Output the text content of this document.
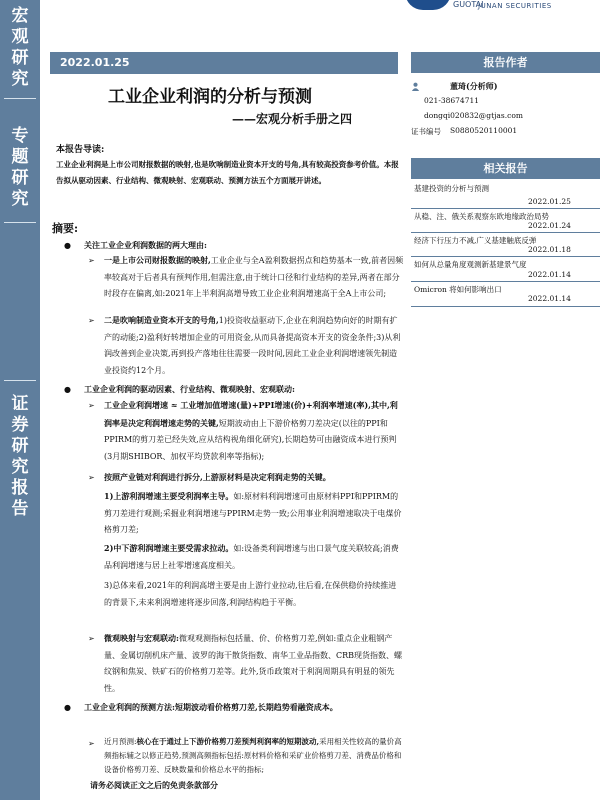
宏
观
研
究
专
题
研
究
证
券
研
究
报
告
GUOTAI
JUNAN SECURITIES
2022.01.25
工业企业利润的分析与预测
——宏观分析手册之四
本报告导读:
工业企业利润是上市公司财报数据的映射,也是吹响制造业资本开支的号角,具有较高投资参考价值。本报告拟从驱动因素、行业结构、微观映射、宏观联动、预测方法五个方面展开讲述。
摘要:
● 关注工业企业利润数据的两大理由:
➢ 一是上市公司财报数据的映射,工业企业与全A盈利数据拐点和趋势基本一致,前者因频率较高对于后者具有预判作用,但需注意,由于统计口径和行业结构的差异,两者在部分时段存在偏离,如:2021年上半利润高增导致工业企业利润增速高于全A上市公司;
➢ 二是吹响制造业资本开支的号角,1)投资收益驱动下,企业在利润趋势向好的时期有扩产的动能;2)盈利好转增加企业的可用资金,从而具备提高资本开支的资金条件;3)从利润改善到企业决策,再到投产落地往往需要一段时间,因此工业企业利润增速领先制造业投资约12个月。
● 工业企业利润的驱动因素、行业结构、微观映射、宏观联动:
➢ 工业企业利润增速 ≈ 工业增加值增速(量)+PPI增速(价)+利润率增速(率),其中,利润率是决定利润增速走势的关键,短期波动由上下游价格剪刀差决定(以往的PPI和PPIRM的剪刀差已经失效,应从结构视角细化研究),长期趋势可由融资成本进行预判(3月期SHIBOR、加权平均贷款利率等指标);
➢ 按照产业链对利润进行拆分,上游原材料是决定利润走势的关键。
1)上游利润增速主要受利润率主导。如:原材料利润增速可由原材料PPI和PPIRM的剪刀差进行观测;采掘业利润增速与PPIRM走势一致;公用事业利润增速取决于电煤价格剪刀差;
2)中下游利润增速主要受需求拉动。如:设备类利润增速与出口景气度关联较高;消费品利润增速与居上社零增速高度相关。
3)总体来看,2021年的利润高增主要是由上游行业拉动,往后看,在保供稳价持续推进的背景下,未来利润增速将逐步回落,利润结构趋于平衡。
➢ 微观映射与宏观联动:微观观测指标包括量、价、价格剪刀差,例如:重点企业粗钢产量、金属切削机床产量、波罗的海干散货指数、南华工业品指数、CRB现货指数、螺纹钢和焦炭、铁矿石的价格剪刀差等。此外,货币政策对于利润周期具有明显的领先性。
● 工业企业利润的预测方法:短期波动看价格剪刀差,长期趋势看融资成本。
➢ 近月预测:核心在于通过上下游价格剪刀差预判利润率的短期波动,采用相关性较高的量价高频指标辅之以修正趋势,预测高频指标包括:原材料价格和采矿业价格剪刀差、消费品价格和设备价格剪刀差、反映数量和价格总水平的指标;
报告作者
董琦(分析师)
021-38674711
dongqi020832@gtjas.com
证书编号 S0880520110001
相关报告
基建投资的分析与预测
2022.01.25
从稳、注、俄关系观察东欧地缘政治局势
2022.01.24
经济下行压力不减,广义基建触底反弹
2022.01.18
如何从总量角度观测新基建景气度
2022.01.14
Omicron 将如何影响出口
2022.01.14
请务必阅读正文之后的免责条款部分
